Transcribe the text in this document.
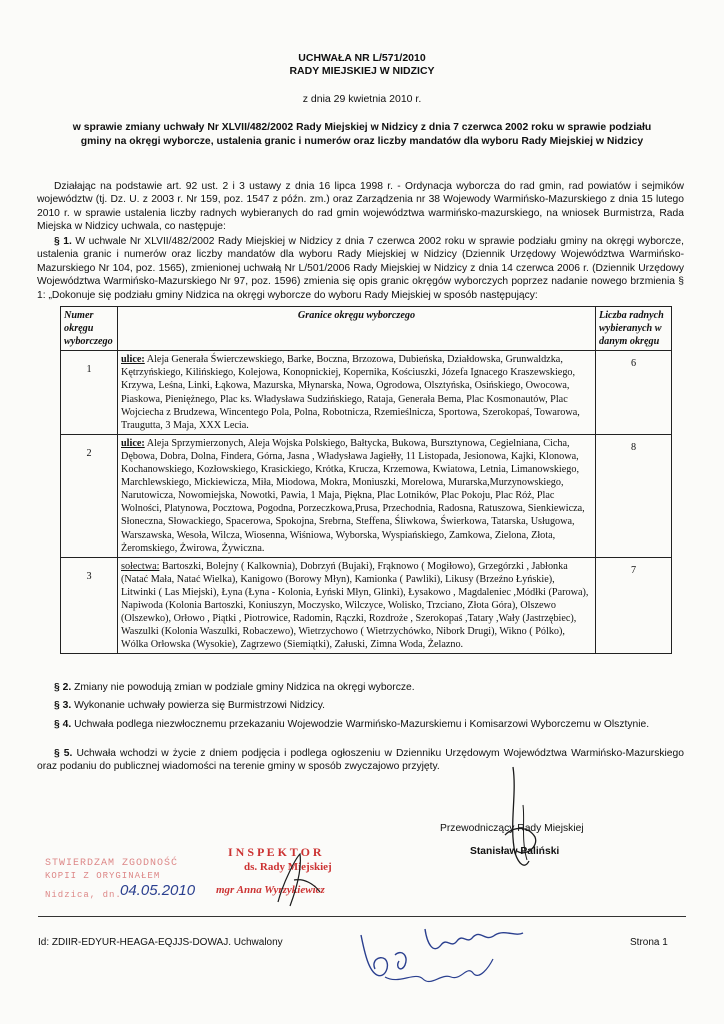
UCHWAŁA NR L/571/2010
RADY MIEJSKIEJ W NIDZICY
z dnia 29 kwietnia 2010 r.
w sprawie zmiany uchwały Nr XLVII/482/2002 Rady Miejskiej w Nidzicy z dnia 7 czerwca 2002 roku w sprawie podziału
gminy na okręgi wyborcze, ustalenia granic i numerów oraz liczby mandatów dla wyboru Rady Miejskiej w Nidzicy
Działając na podstawie art. 92 ust. 2 i 3 ustawy z dnia 16 lipca 1998 r. - Ordynacja wyborcza do rad gmin, rad powiatów i sejmików województw (tj. Dz. U. z 2003 r. Nr 159, poz. 1547 z późn. zm.) oraz Zarządzenia nr 38 Wojewody Warmińsko-Mazurskiego z dnia 15 lutego 2010 r. w sprawie ustalenia liczby radnych wybieranych do rad gmin województwa warmińsko-mazurskiego, na wniosek Burmistrza, Rada Miejska w Nidzicy uchwala, co następuje:
§ 1. W uchwale Nr XLVII/482/2002 Rady Miejskiej w Nidzicy z dnia 7 czerwca 2002 roku w sprawie podziału gminy na okręgi wyborcze, ustalenia granic i numerów oraz liczby mandatów dla wyboru Rady Miejskiej w Nidzicy (Dziennik Urzędowy Województwa Warmińsko-Mazurskiego Nr 104, poz. 1565), zmienionej uchwałą Nr L/501/2006 Rady Miejskiej w Nidzicy z dnia 14 czerwca 2006 r. (Dziennik Urzędowy Województwa Warmińsko-Mazurskiego Nr 97, poz. 1596) zmienia się opis granic okręgów wyborczych poprzez nadanie nowego brzmienia § 1: „Dokonuje się podziału gminy Nidzica na okręgi wyborcze do wyboru Rady Miejskiej w sposób następujący:
Numer okręgu wyborczego	Granice okręgu wyborczego	Liczba radnych wybieranych w danym okręgu
1	ulice: Aleja Generała Świerczewskiego, Barke, Boczna, Brzozowa, Dubieńska, Działdowska, Grunwaldzka, Kętrzyńskiego, Kilińskiego, Kolejowa, Konopnickiej, Kopernika, Kościuszki, Józefa Ignacego Kraszewskiego, Krzywa, Leśna, Linki, Łąkowa, Mazurska, Młynarska, Nowa, Ogrodowa, Olsztyńska, Osińskiego, Owocowa, Piaskowa, Pieniężnego, Plac ks. Władysława Sudzińskiego, Rataja, Generała Bema, Plac Kosmonautów, Plac Wojciecha z Brudzewa, Wincentego Pola, Polna, Robotnicza, Rzemieślnicza, Sportowa, Szerokopaś, Towarowa, Traugutta, 3 Maja, XXX Lecia.	6
2	ulice: Aleja Sprzymierzonych, Aleja Wojska Polskiego, Bałtycka, Bukowa, Bursztynowa, Cegielniana, Cicha, Dębowa, Dobra, Dolna, Findera, Górna, Jasna , Władysława Jagiełły, 11 Listopada, Jesionowa, Kajki, Klonowa, Kochanowskiego, Kozłowskiego, Krasickiego, Krótka, Krucza, Krzemowa, Kwiatowa, Letnia, Limanowskiego, Marchlewskiego, Mickiewicza, Miła, Miodowa, Mokra, Moniuszki, Morelowa, Murarska,Murzynowskiego, Narutowicza, Nowomiejska, Nowotki, Pawia, 1 Maja, Piękna, Plac Lotników, Plac Pokoju, Plac Róż, Plac Wolności, Platynowa, Pocztowa, Pogodna, Porzeczkowa,Prusa, Przechodnia, Radosna, Ratuszowa, Sienkiewicza, Słoneczna, Słowackiego, Spacerowa, Spokojna, Srebrna, Steffena, Śliwkowa, Świerkowa, Tatarska, Usługowa, Warszawska, Wesoła, Wilcza, Wiosenna, Wiśniowa, Wyborska, Wyspiańskiego, Zamkowa, Zielona, Złota, Żeromskiego, Żwirowa, Żywiczna.	8
3	sołectwa: Bartoszki, Bolejny ( Kalkownia), Dobrzyń (Bujaki), Frąknowo ( Mogiłowo), Grzegórzki , Jabłonka (Natać Mała, Natać Wielka), Kanigowo (Borowy Młyn), Kamionka ( Pawliki), Likusy (Brzeźno Łyńskie), Litwinki ( Las Miejski), Łyna (Łyna - Kolonia, Łyński Młyn, Glinki), Łysakowo , Magdaleniec ,Módłki (Parowa), Napiwoda (Kolonia Bartoszki, Koniuszyn, Moczysko, Wilczyce, Wolisko, Trzciano, Złota Góra), Olszewo (Olszewko), Orłowo , Piątki , Piotrowice, Radomin, Rączki, Rozdroże , Szerokopaś ,Tatary ,Wały (Jastrzębiec), Waszulki (Kolonia Waszulki, Robaczewo), Wietrzychowo ( Wietrzychówko, Nibork Drugi), Wikno ( Pólko), Wólka Orłowska (Wysokie), Zagrzewo (Siemiątki), Załuski, Zimna Woda, Żelazno.	7
§ 2. Zmiany nie powodują zmian w podziale gminy Nidzica na okręgi wyborcze.
§ 3. Wykonanie uchwały powierza się Burmistrzowi Nidzicy.
§ 4. Uchwała podlega niezwłocznemu przekazaniu Wojewodzie Warmińsko-Mazurskiemu i Komisarzowi Wyborczemu w Olsztynie.
§ 5. Uchwała wchodzi w życie z dniem podjęcia i podlega ogłoszeniu w Dzienniku Urzędowym Województwa Warmińsko-Mazurskiego oraz podaniu do publicznej wiadomości na terenie gminy w sposób zwyczajowo przyjęty.
Przewodniczący Rady Miejskiej
Stanisław Paliński
STWIERDZAM ZGODNOŚĆ
KOPII Z ORYGINAŁEM
Nidzica, dn.
04.05.2010
I N S P E K T O R
ds. Rady Miejskiej
mgr Anna Wyrzykiewicz
Id: ZDIIR-EDYUR-HEAGA-EQJJS-DOWAJ. Uchwalony	Strona 1
